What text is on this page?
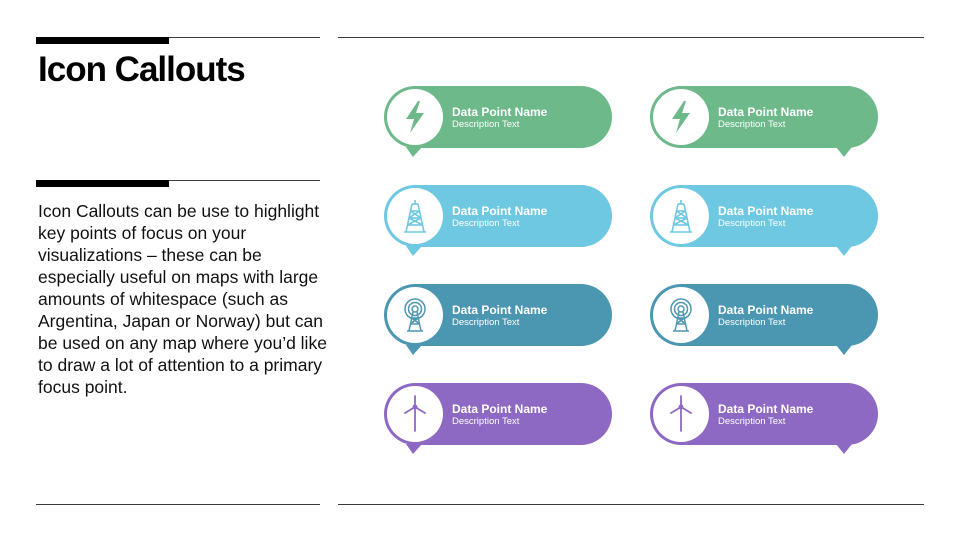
Icon Callouts

Icon Callouts can be use to highlight key points of focus on your visualizations – these can be especially useful on maps with large amounts of whitespace (such as Argentina, Japan or Norway) but can be used on any map where you’d like to draw a lot of attention to a primary focus point.

Data Point Name
Description Text
Data Point Name
Description Text
Data Point Name
Description Text
Data Point Name
Description Text
Data Point Name
Description Text
Data Point Name
Description Text
Data Point Name
Description Text
Data Point Name
Description Text
